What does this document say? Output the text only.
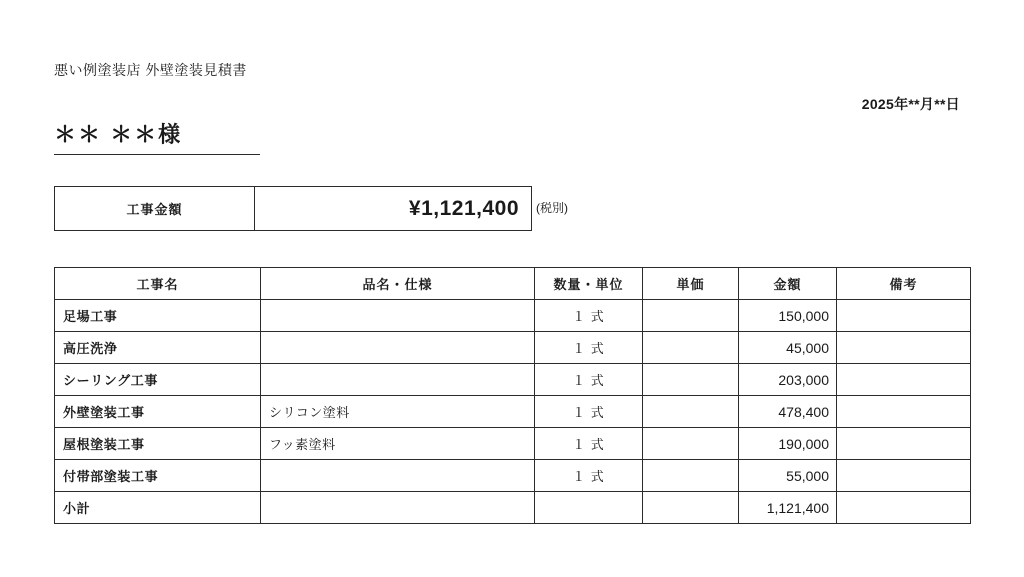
悪い例塗装店 外壁塗装見積書
2025年**月**日
＊＊ ＊＊様
工事金額	¥1,121,400	(税別)
工事名	品名・仕様	数量・単位	単価	金額	備考
足場工事		１ 式		150,000	
高圧洗浄		１ 式		45,000	
シーリング工事		１ 式		203,000	
外壁塗装工事	シリコン塗料	１ 式		478,400	
屋根塗装工事	フッ素塗料	１ 式		190,000	
付帯部塗装工事		１ 式		55,000	
小計				1,121,400	
